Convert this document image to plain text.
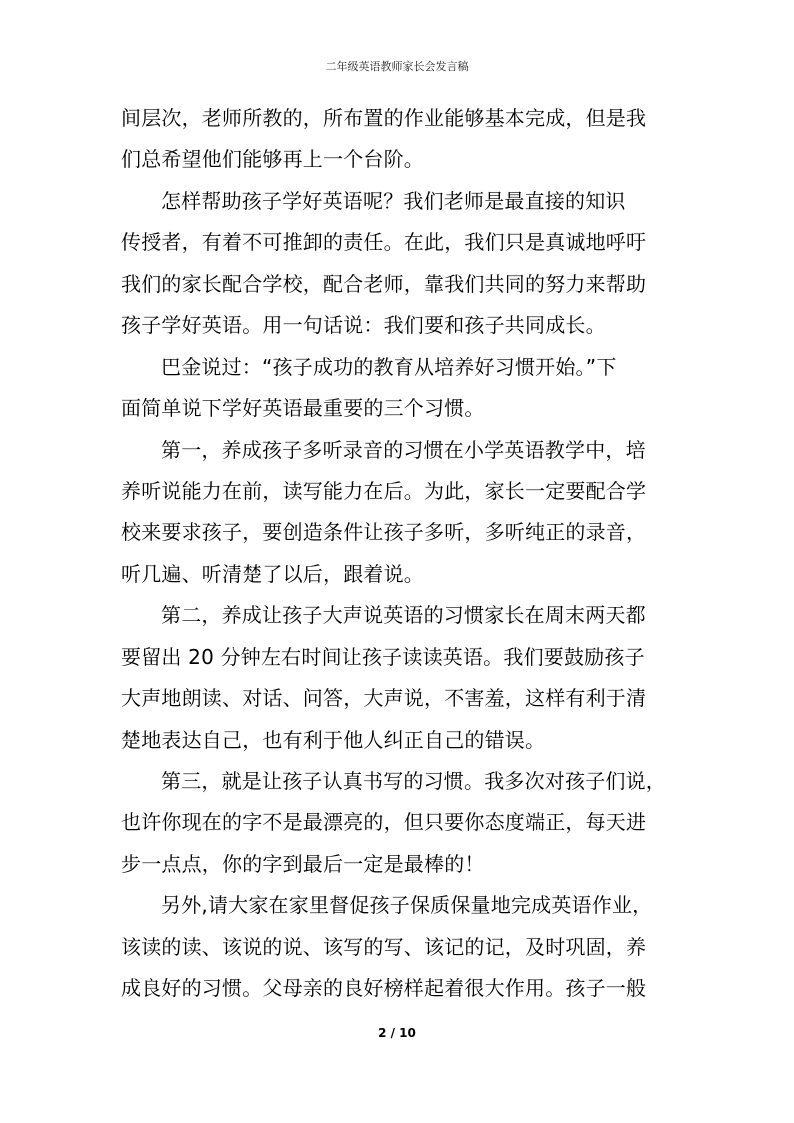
二年级英语教师家长会发言稿
间层次，老师所教的，所布置的作业能够基本完成，但是我
们总希望他们能够再上一个台阶。
怎样帮助孩子学好英语呢？我们老师是最直接的知识
传授者，有着不可推卸的责任。在此，我们只是真诚地呼吁
我们的家长配合学校，配合老师，靠我们共同的努力来帮助
孩子学好英语。用一句话说：我们要和孩子共同成长。
巴金说过：“孩子成功的教育从培养好习惯开始。”下
面简单说下学好英语最重要的三个习惯。
第一，养成孩子多听录音的习惯在小学英语教学中，培
养听说能力在前，读写能力在后。为此，家长一定要配合学
校来要求孩子，要创造条件让孩子多听，多听纯正的录音，
听几遍、听清楚了以后，跟着说。
第二，养成让孩子大声说英语的习惯家长在周末两天都
要留出 20 分钟左右时间让孩子读读英语。我们要鼓励孩子
大声地朗读、对话、问答，大声说，不害羞，这样有利于清
楚地表达自己，也有利于他人纠正自己的错误。
第三，就是让孩子认真书写的习惯。我多次对孩子们说，
也许你现在的字不是最漂亮的，但只要你态度端正，每天进
步一点点，你的字到最后一定是最棒的！
另外,请大家在家里督促孩子保质保量地完成英语作业，
该读的读、该说的说、该写的写、该记的记，及时巩固，养
成良好的习惯。父母亲的良好榜样起着很大作用。孩子一般
2 / 10
